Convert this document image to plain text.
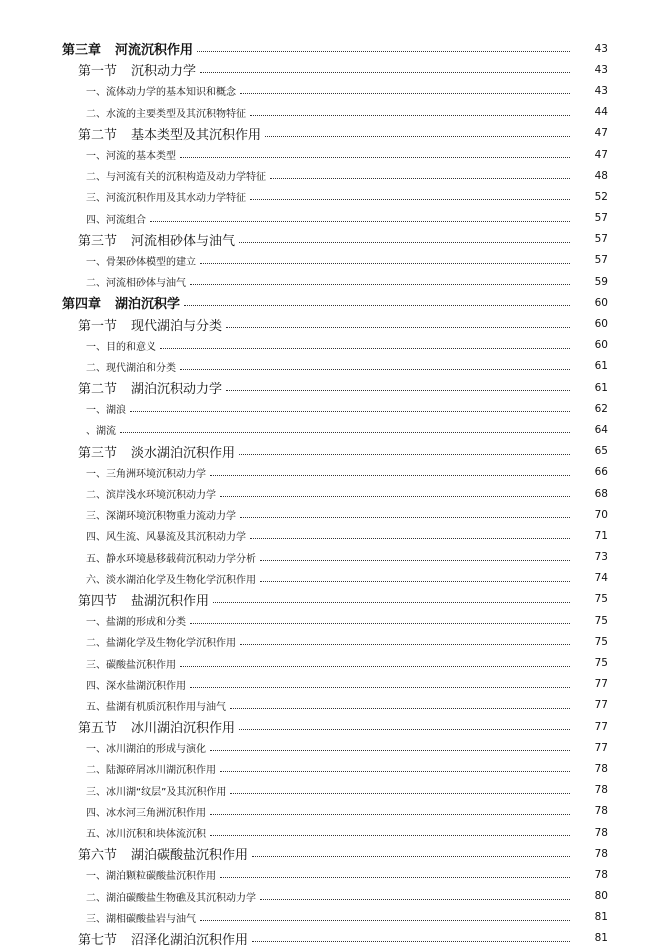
第三章 河流沉积作用	43
第一节 沉积动力学	43
一、流体动力学的基本知识和概念	43
二、水流的主要类型及其沉积物特征	44
第二节 基本类型及其沉积作用	47
一、河流的基本类型	47
二、与河流有关的沉积构造及动力学特征	48
三、河流沉积作用及其水动力学特征	52
四、河流组合	57
第三节 河流相砂体与油气	57
一、骨架砂体模型的建立	57
二、河流相砂体与油气	59
第四章 湖泊沉积学	60
第一节 现代湖泊与分类	60
一、目的和意义	60
二、现代湖泊和分类	61
第二节 湖泊沉积动力学	61
一、湖浪	62
、湖流	64
第三节 淡水湖泊沉积作用	65
一、三角洲环境沉积动力学	66
二、滨岸浅水环境沉积动力学	68
三、深湖环境沉积物重力流动力学	70
四、风生流、风暴流及其沉积动力学	71
五、静水环境悬移载荷沉积动力学分析	73
六、淡水湖泊化学及生物化学沉积作用	74
第四节 盐湖沉积作用	75
一、盐湖的形成和分类	75
二、盐湖化学及生物化学沉积作用	75
三、碳酸盐沉积作用	75
四、深水盐湖沉积作用	77
五、盐湖有机质沉积作用与油气	77
第五节 冰川湖泊沉积作用	77
一、冰川湖泊的形成与演化	77
二、陆源碎屑冰川湖沉积作用	78
三、冰川湖“纹层”及其沉积作用	78
四、冰水河三角洲沉积作用	78
五、冰川沉积和块体流沉积	78
第六节 湖泊碳酸盐沉积作用	78
一、湖泊颗粒碳酸盐沉积作用	78
二、湖泊碳酸盐生物礁及其沉积动力学	80
三、湖相碳酸盐岩与油气	81
第七节 沼泽化湖泊沉积作用	81
